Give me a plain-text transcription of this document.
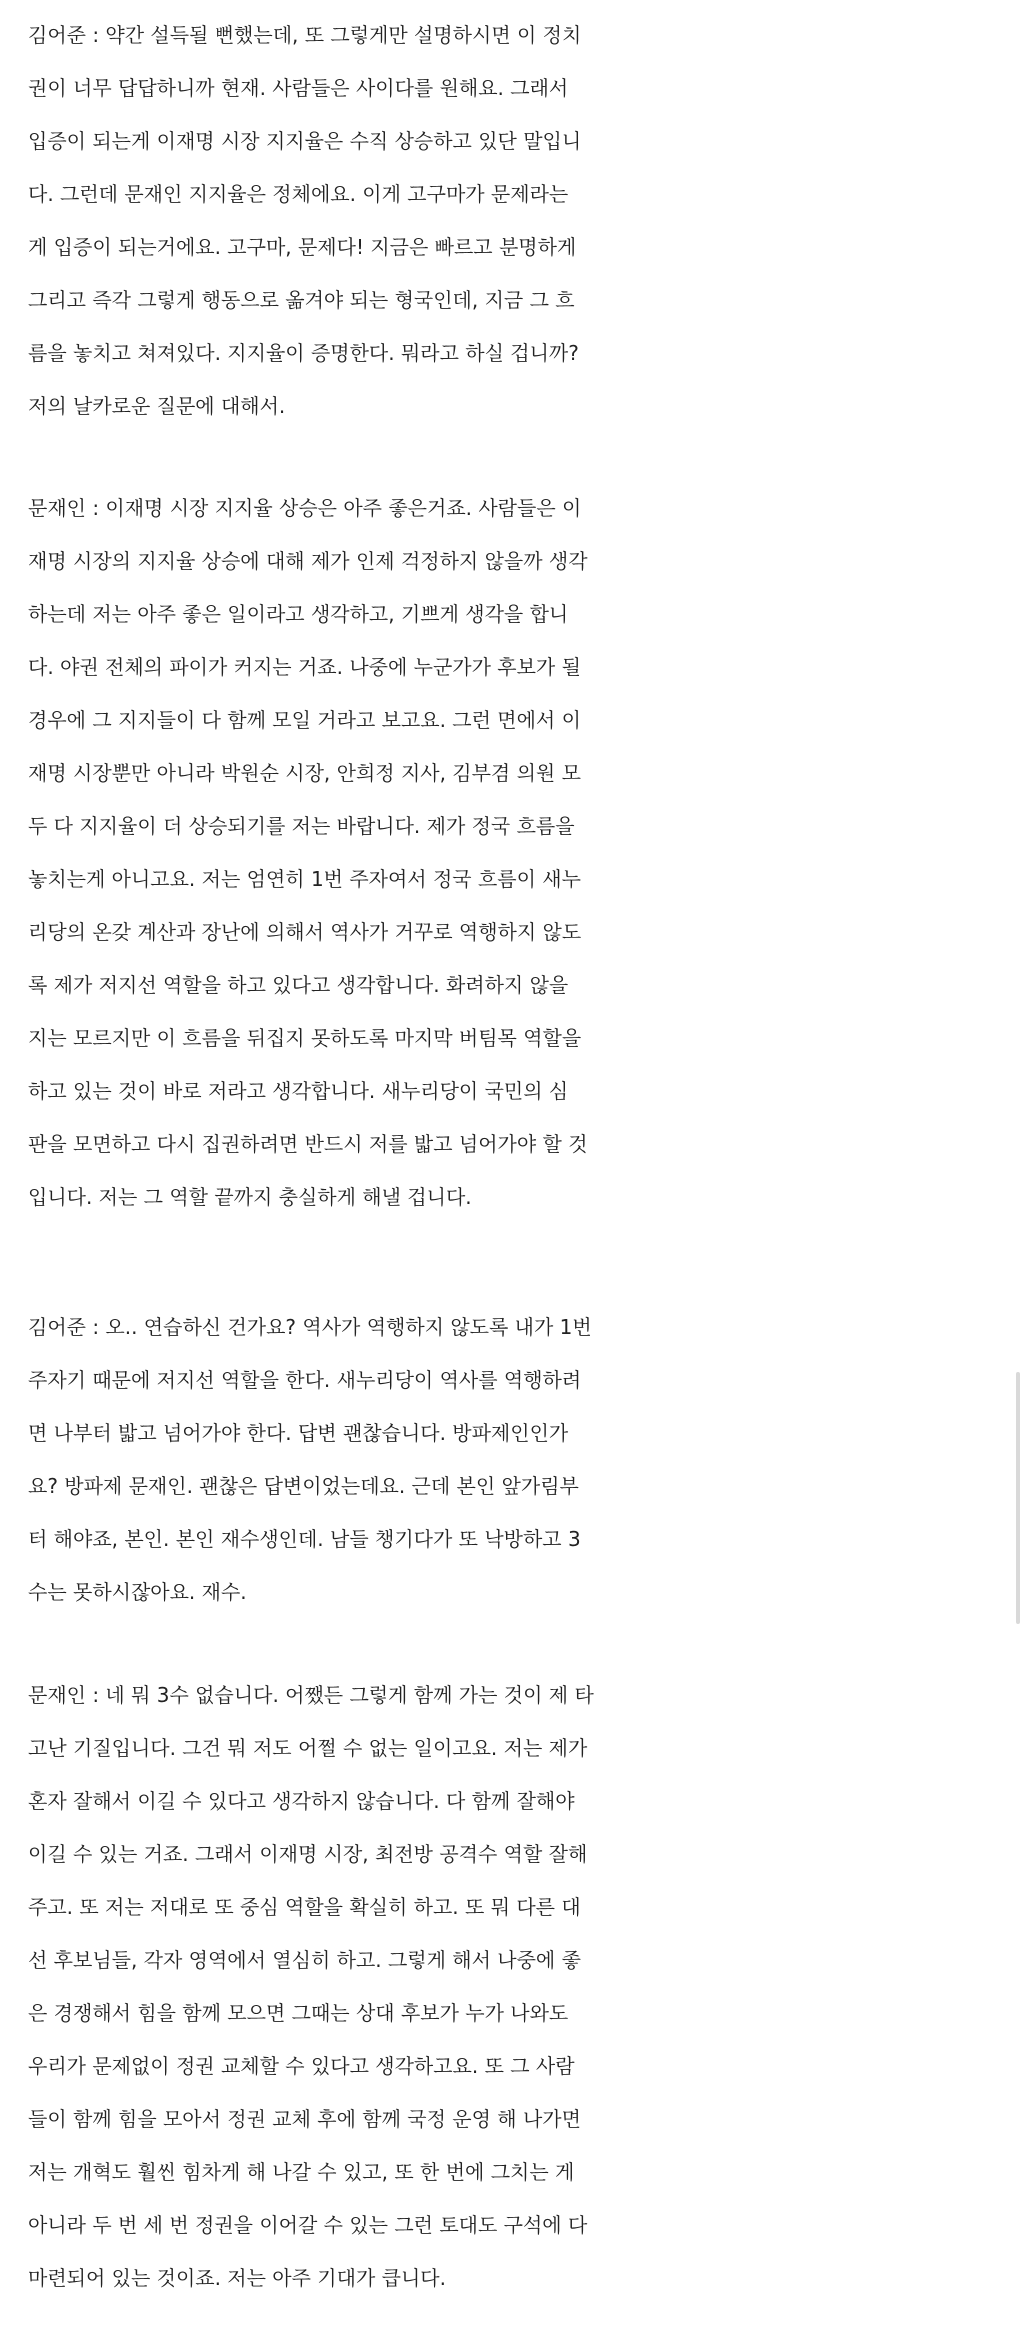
김어준 : 약간 설득될 뻔했는데, 또 그렇게만 설명하시면 이 정치
권이 너무 답답하니까 현재. 사람들은 사이다를 원해요. 그래서
입증이 되는게 이재명 시장 지지율은 수직 상승하고 있단 말입니
다. 그런데 문재인 지지율은 정체에요. 이게 고구마가 문제라는
게 입증이 되는거에요. 고구마, 문제다! 지금은 빠르고 분명하게
그리고 즉각 그렇게 행동으로 옮겨야 되는 형국인데, 지금 그 흐
름을 놓치고 쳐져있다. 지지율이 증명한다. 뭐라고 하실 겁니까?
저의 날카로운 질문에 대해서.
문재인 : 이재명 시장 지지율 상승은 아주 좋은거죠. 사람들은 이
재명 시장의 지지율 상승에 대해 제가 인제 걱정하지 않을까 생각
하는데 저는 아주 좋은 일이라고 생각하고, 기쁘게 생각을 합니
다. 야권 전체의 파이가 커지는 거죠. 나중에 누군가가 후보가 될
경우에 그 지지들이 다 함께 모일 거라고 보고요. 그런 면에서 이
재명 시장뿐만 아니라 박원순 시장, 안희정 지사, 김부겸 의원 모
두 다 지지율이 더 상승되기를 저는 바랍니다. 제가 정국 흐름을
놓치는게 아니고요. 저는 엄연히 1번 주자여서 정국 흐름이 새누
리당의 온갖 계산과 장난에 의해서 역사가 거꾸로 역행하지 않도
록 제가 저지선 역할을 하고 있다고 생각합니다. 화려하지 않을
지는 모르지만 이 흐름을 뒤집지 못하도록 마지막 버팀목 역할을
하고 있는 것이 바로 저라고 생각합니다. 새누리당이 국민의 심
판을 모면하고 다시 집권하려면 반드시 저를 밟고 넘어가야 할 것
입니다. 저는 그 역할 끝까지 충실하게 해낼 겁니다.
김어준 : 오.. 연습하신 건가요? 역사가 역행하지 않도록 내가 1번
주자기 때문에 저지선 역할을 한다. 새누리당이 역사를 역행하려
면 나부터 밟고 넘어가야 한다. 답변 괜찮습니다. 방파제인인가
요? 방파제 문재인. 괜찮은 답변이었는데요. 근데 본인 앞가림부
터 해야죠, 본인. 본인 재수생인데. 남들 챙기다가 또 낙방하고 3
수는 못하시잖아요. 재수.
문재인 : 네 뭐 3수 없습니다. 어쨌든 그렇게 함께 가는 것이 제 타
고난 기질입니다. 그건 뭐 저도 어쩔 수 없는 일이고요. 저는 제가
혼자 잘해서 이길 수 있다고 생각하지 않습니다. 다 함께 잘해야
이길 수 있는 거죠. 그래서 이재명 시장, 최전방 공격수 역할 잘해
주고. 또 저는 저대로 또 중심 역할을 확실히 하고. 또 뭐 다른 대
선 후보님들, 각자 영역에서 열심히 하고. 그렇게 해서 나중에 좋
은 경쟁해서 힘을 함께 모으면 그때는 상대 후보가 누가 나와도
우리가 문제없이 정권 교체할 수 있다고 생각하고요. 또 그 사람
들이 함께 힘을 모아서 정권 교체 후에 함께 국정 운영 해 나가면
저는 개혁도 훨씬 힘차게 해 나갈 수 있고, 또 한 번에 그치는 게
아니라 두 번 세 번 정권을 이어갈 수 있는 그런 토대도 구석에 다
마련되어 있는 것이죠. 저는 아주 기대가 큽니다.
